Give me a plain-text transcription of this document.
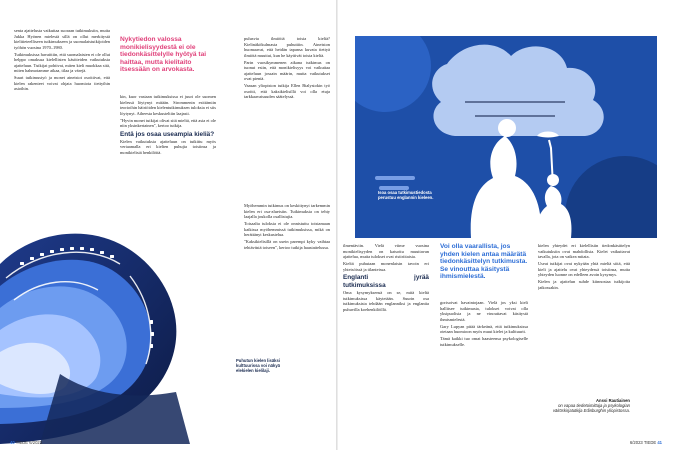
senta ajattelusta vaikuttaa suoraan tutkimuksiin, mutta Jukka Hyönen mielestä sillä on ollut merkitystä kielitieteelliseen tutkimukseen ja suomalaistutkijoiden työhön vuosina 1970–1980.

Tutkimuksissa havaittiin, että suomalaisten ei ole ollut helppo omaksua kielellisten käsitteiden vaikutuksia ajatteluun. Tutkijat pohtivat, miten kieli muokkaa sitä, miten hahmotamme aikaa, tilaa ja värejä.

Suuri tutkimustyö ja monet aineistot osoittivat, että kielen rakenteet voivat ohjata huomiota tiettyihin asioihin.

Nykytiedon valossa monikielisyydestä ei ole tiedonkäsittelylle hyötyä tai haittaa, mutta kielitaito itsessään on arvokasta.

kin, kuor vastaan tutkimuksissa ei juuri ole suomen kielessä löytynyt mitään. Strommenin esittämiin teorioihin häiriöiden kielentutkimuksen tuloksia ei siis löytynyt. Aiheesta keskusteltiin laajasti.

"Hyvin monet tutkijat olivat sitä mieltä, että asia ei ole niin yksinkertainen", kertoo tutkija.

Entä jos osaa useampia kieliä?

Kielen vaikutuksia ajatteluun on tutkittu myös vertaamalla eri kielten puhujia toisiinsa ja monikielisiä henkilöitä.

Puhutun kielen lisäksi kulttuurissa voi näkyä elekielen kielilaji.
40 TIEDE 6/2023
Isoa osaa tutkimustiedosta perustuu englannin kieleen.

pulusvia ilmiöitä toisia kieliä? Kielinäkökulmasta puhuttiin. Aineiston huomaavat, että heidän tapansa kuvata tiettyä ilmiötä muuttui, kun he käyttivät toista kieltä.

Parin vuosikymmenen aikana tutkimus on tuonut esiin, että monikielisyys voi vaikuttaa ajatteluun jossain määrin, mutta vaikutukset ovat pieniä.

Vaasan yliopiston tutkija Ellen Bialystokin työ osoitti, että kaksikielisillä voi olla etuja tarkkaavaisuuden säätelyssä.

Myöhemmin tutkimus on keskittynyt tarkemmin kielen eri osa-alueisiin. Tutkimuksia on tehty laajalla joukolla osallistujia.

Toisaalta tuloksia ei ole onnistuttu toistamaan kaikissa myöhemmissä tutkimuksissa, mikä on herättänyt keskustelua.

"Kaksikielisillä on usein parempi kyky vaihtaa tehtävästä toiseen", kertoo tutkija haastattelussa.	ilmentäviin. Vielä viime vuosina monikielisyyden on katsottu muuttavan ajattelua, mutta tulokset ovat ristiriitaisia.

Kieltä puhutaan monenlaisin tavoin eri yhteisöissä ja tilanteissa.

Englanti jyrää tutkimuksissa

Oma kysymyksensä on se, mitä kieltä tutkimuksissa käytetään. Suurin osa tutkimuksista tehdään englanniksi ja englantia puhuvilla koehenkilöillä.

Voi olla vaarallista, jos yhden kielen antaa määrätä tiedonkäsittelyn tutkimusta. Se vinouttaa käsitystä ihmismielestä.

gorisoivat havaintojaan. Vielä jos yksi kieli hallitsee tutkimusta, tulokset voivat olla yksipuolisia ja ne vinouttavat käsitystä ihmismielestä.

Gary Lupyan pitää tärkeänä, että tutkimuksissa otetaan huomioon myös muut kielet ja kulttuurit.

Tämä kaikki tuo omat haasteensa psykologiselle tutkimukselle.

kielen yhteydet eri kielellisiin tiedonkäsittelyn vaikutuksiin ovat mahdollisia. Kielet vaikuttavat tavalla, jota on vaikea mitata.

Useat tutkijat ovat nykyään yhtä mieltä siitä, että kieli ja ajattelu ovat yhteydessä toisiinsa, mutta yhteyden luonne on edelleen avoin kysymys.

Kielen ja ajattelun suhde kiinnostaa tutkijoita jatkossakin.

Anssi Rautiainen
on vapaa tiedetoimittaja ja psykologian väitöskirjatutkija Edinburghin yliopistossa.
6/2023 TIEDE 41
